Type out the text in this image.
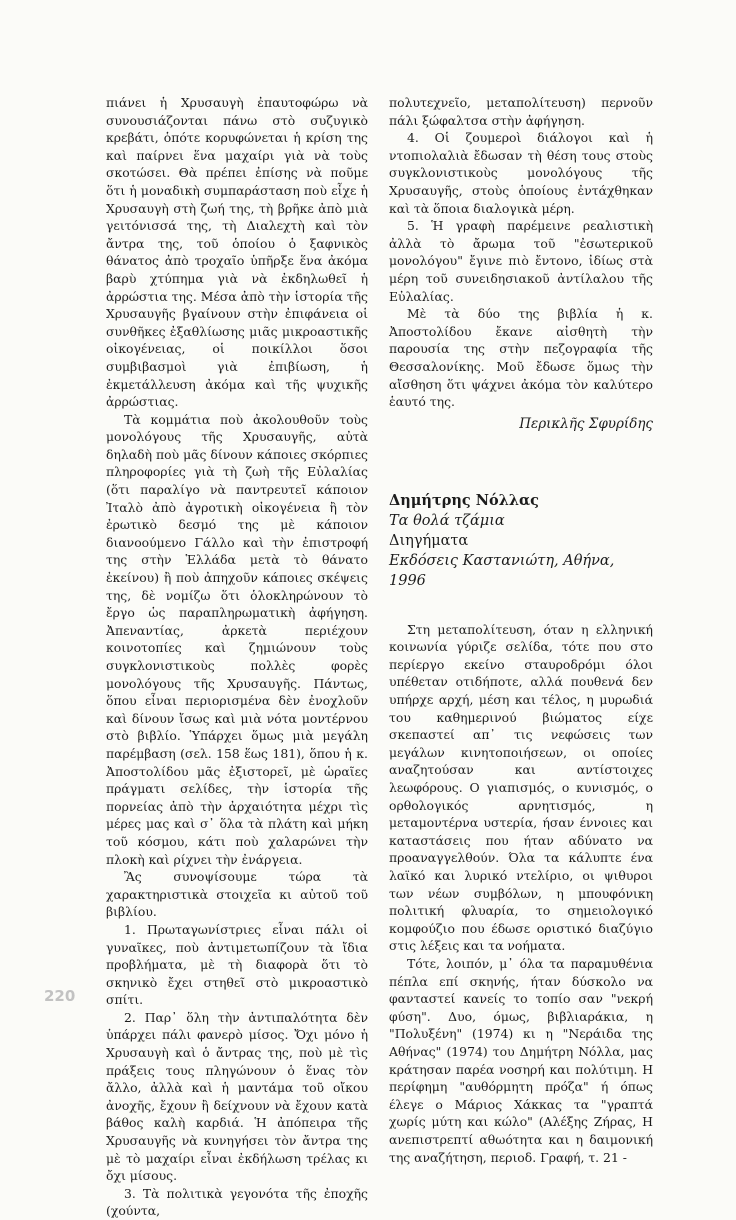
πιάνει ἡ Χρυσαυγὴ ἐπαυτοφώρω νὰ συνουσιάζονται πάνω στὸ συζυγικὸ κρεβάτι, ὁπότε κορυφώνεται ἡ κρίση της καὶ παίρνει ἕνα μαχαίρι γιὰ νὰ τοὺς σκοτώσει. Θὰ πρέπει ἐπίσης νὰ ποῦμε ὅτι ἡ μοναδικὴ συμπαράσταση ποὺ εἶχε ἡ Χρυσαυγὴ στὴ ζωή της, τὴ βρῆκε ἀπὸ μιὰ γειτόνισσά της, τὴ Διαλεχτὴ καὶ τὸν ἄντρα της, τοῦ ὁποίου ὁ ξαφνικὸς θάνατος ἀπὸ τροχαῖο ὑπῆρξε ἕνα ἀκόμα βαρὺ χτύπημα γιὰ νὰ ἐκδηλωθεῖ ἡ ἀρρώστια της. Μέσα ἀπὸ τὴν ἱστορία τῆς Χρυσαυγῆς βγαίνουν στὴν ἐπιφάνεια οἱ συνθῆκες ἐξαθλίωσης μιᾶς μικροαστικῆς οἰκογένειας, οἱ ποικίλλοι ὅσοι συμβιβασμοὶ γιὰ ἐπιβίωση, ἡ ἐκμετάλλευση ἀκόμα καὶ τῆς ψυχικῆς ἀρρώστιας.

Τὰ κομμάτια ποὺ ἀκολουθοῦν τοὺς μονολόγους τῆς Χρυσαυγῆς, αὐτὰ δηλαδὴ ποὺ μᾶς δίνουν κάποιες σκόρπιες πληροφορίες γιὰ τὴ ζωὴ τῆς Εὐλαλίας (ὅτι παραλίγο νὰ παντρευτεῖ κάποιον Ἰταλὸ ἀπὸ ἀγροτικὴ οἰκογένεια ἢ τὸν ἐρωτικὸ δεσμό της μὲ κάποιον διανοούμενο Γάλλο καὶ τὴν ἐπιστροφή της στὴν Ἑλλάδα μετὰ τὸ θάνατο ἐκείνου) ἢ ποὺ ἀπηχοῦν κάποιες σκέψεις της, δὲ νομίζω ὅτι ὁλοκληρώνουν τὸ ἔργο ὡς παραπληρωματικὴ ἀφήγηση. Ἀπεναντίας, ἀρκετὰ περιέχουν κοινοτοπίες καὶ ζημιώνουν τοὺς συγκλονιστικοὺς πολλὲς φορὲς μονολόγους τῆς Χρυσαυγῆς. Πάντως, ὅπου εἶναι περιορισμένα δὲν ἐνοχλοῦν καὶ δίνουν ἴσως καὶ μιὰ νότα μοντέρνου στὸ βιβλίο. Ὑπάρχει ὅμως μιὰ μεγάλη παρέμβαση (σελ. 158 ἕως 181), ὅπου ἡ κ. Ἀποστολίδου μᾶς ἐξιστορεῖ, μὲ ὡραῖες πράγματι σελίδες, τὴν ἱστορία τῆς πορνείας ἀπὸ τὴν ἀρχαιότητα μέχρι τὶς μέρες μας καὶ σ᾽ ὅλα τὰ πλάτη καὶ μήκη τοῦ κόσμου, κάτι ποὺ χαλαρώνει τὴν πλοκὴ καὶ ρίχνει τὴν ἐνάργεια.

Ἂς συνοψίσουμε τώρα τὰ χαρακτηριστικὰ στοιχεῖα κι αὐτοῦ τοῦ βιβλίου.

1. Πρωταγωνίστριες εἶναι πάλι οἱ γυναῖκες, ποὺ ἀντιμετωπίζουν τὰ ἴδια προβλήματα, μὲ τὴ διαφορὰ ὅτι τὸ σκηνικὸ ἔχει στηθεῖ στὸ μικροαστικὸ σπίτι.

2. Παρ᾽ ὅλη τὴν ἀντιπαλότητα δὲν ὑπάρχει πάλι φανερὸ μίσος. Ὄχι μόνο ἡ Χρυσαυγὴ καὶ ὁ ἄντρας της, ποὺ μὲ τὶς πράξεις τους πληγώνουν ὁ ἕνας τὸν ἄλλο, ἀλλὰ καὶ ἡ μαντάμα τοῦ οἴκου ἀνοχῆς, ἔχουν ἢ δείχνουν νὰ ἔχουν κατὰ βάθος καλὴ καρδιά. Ἡ ἀπόπειρα τῆς Χρυσαυγῆς νὰ κυνηγήσει τὸν ἄντρα της μὲ τὸ μαχαίρι εἶναι ἐκδήλωση τρέλας κι ὄχι μίσους.

3. Τὰ πολιτικὰ γεγονότα τῆς ἐποχῆς (χούντα,

πολυτεχνεῖο, μεταπολίτευση) περνοῦν πάλι ξώφαλτσα στὴν ἀφήγηση.

4. Οἱ ζουμεροὶ διάλογοι καὶ ἡ ντοπιολαλιὰ ἔδωσαν τὴ θέση τους στοὺς συγκλονιστικοὺς μονολόγους τῆς Χρυσαυγῆς, στοὺς ὁποίους ἐντάχθηκαν καὶ τὰ ὅποια διαλογικὰ μέρη.

5. Ἡ γραφὴ παρέμεινε ρεαλιστικὴ ἀλλὰ τὸ ἄρωμα τοῦ "ἐσωτερικοῦ μονολόγου" ἔγινε πιὸ ἔντονο, ἰδίως στὰ μέρη τοῦ συνειδησιακοῦ ἀντίλαλου τῆς Εὐλαλίας.

Μὲ τὰ δύο της βιβλία ἡ κ. Ἀποστολίδου ἔκανε αἰσθητὴ τὴν παρουσία της στὴν πεζογραφία τῆς Θεσσαλονίκης. Μοῦ ἔδωσε ὅμως τὴν αἴσθηση ὅτι ψάχνει ἀκόμα τὸν καλύτερο ἑαυτό της.

Περικλῆς Σφυρίδης

Δημήτρης Νόλλας
Τα θολά τζάμια
Διηγήματα
Εκδόσεις Καστανιώτη, Αθήνα, 1996

Στη μεταπολίτευση, όταν η ελληνική κοινωνία γύριζε σελίδα, τότε που στο περίεργο εκείνο σταυροδρόμι όλοι υπέθεταν οτιδήποτε, αλλά πουθενά δεν υπήρχε αρχή, μέση και τέλος, η μυρωδιά του καθημερινού βιώματος είχε σκεπαστεί απ᾽ τις νεφώσεις των μεγάλων κινητοποιήσεων, οι οποίες αναζητούσαν και αντίστοιχες λεωφόρους. Ο γιαπισμός, ο κυνισμός, ο ορθολογικός αρνητισμός, η μεταμοντέρνα υστερία, ήσαν έννοιες και καταστάσεις που ήταν αδύνατο να προαναγγελθούν. Όλα τα κάλυπτε ένα λαϊκό και λυρικό ντελίριο, οι ψιθυροι των νέων συμβόλων, η μπουφόνικη πολιτική φλυαρία, το σημειολογικό κομφούζιο που έδωσε οριστικό διαζύγιο στις λέξεις και τα νοήματα.

Τότε, λοιπόν, μ᾽ όλα τα παραμυθένια πέπλα επί σκηνής, ήταν δύσκολο να φανταστεί κανείς το τοπίο σαν "νεκρή φύση". Δυο, όμως, βιβλιαράκια, η "Πολυξένη" (1974) κι η "Νεράιδα της Αθήνας" (1974) του Δημήτρη Νόλλα, μας κράτησαν παρέα νοσηρή και πολύτιμη. Η περίφημη "αυθόρμητη πρόζα" ή όπως έλεγε ο Μάριος Χάκκας τα "γραπτά χωρίς μύτη και κώλο" (Αλέξης Ζήρας, Η ανεπιστρεπτί αθωότητα και η δαιμονική της αναζήτηση, περιοδ. Γραφή, τ. 21 -

220
